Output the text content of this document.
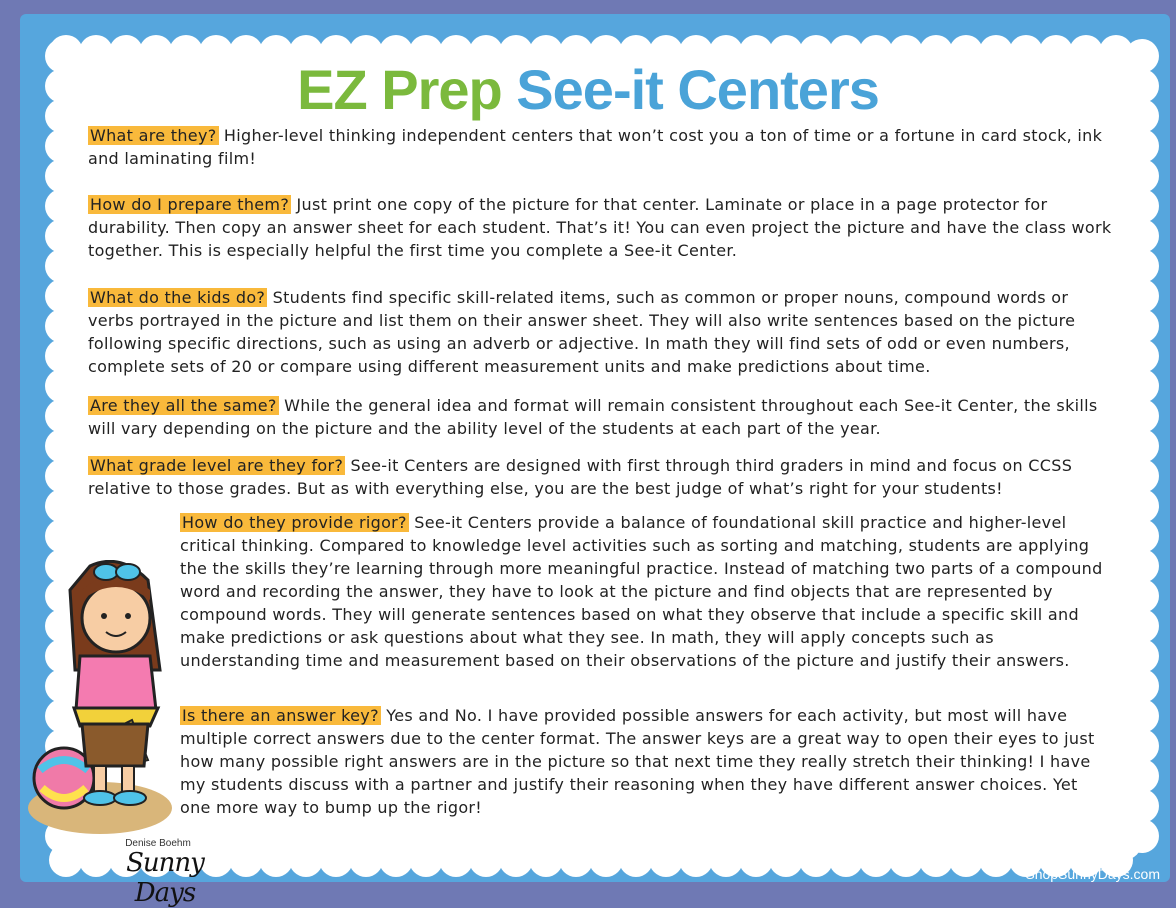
EZ Prep See-it Centers

What are they? Higher-level thinking independent centers that won’t cost you a ton of time or a fortune in card stock, ink and laminating film!

How do I prepare them? Just print one copy of the picture for that center. Laminate or place in a page protector for durability. Then copy an answer sheet for each student. That’s it! You can even project the picture and have the class work together. This is especially helpful the first time you complete a See-it Center.

What do the kids do? Students find specific skill-related items, such as common or proper nouns, compound words or verbs portrayed in the picture and list them on their answer sheet. They will also write sentences based on the picture following specific directions, such as using an adverb or adjective. In math they will find sets of odd or even numbers, complete sets of 20 or compare using different measurement units and make predictions about time.

Are they all the same? While the general idea and format will remain consistent throughout each See-it Center, the skills will vary depending on the picture and the ability level of the students at each part of the year.

What grade level are they for? See-it Centers are designed with first through third graders in mind and focus on CCSS relative to those grades. But as with everything else, you are the best judge of what’s right for your students!

How do they provide rigor? See-it Centers provide a balance of foundational skill practice and higher-level critical thinking. Compared to knowledge level activities such as sorting and matching, students are applying the the skills they’re learning through more meaningful practice. Instead of matching two parts of a compound word and recording the answer, they have to look at the picture and find objects that are represented by compound words. They will generate sentences based on what they observe that include a specific skill and make predictions or ask questions about what they see. In math, they will apply concepts such as understanding time and measurement based on their observations of the picture and justify their answers.

Is there an answer key? Yes and No. I have provided possible answers for each activity, but most will have multiple correct answers due to the center format. The answer keys are a great way to open their eyes to just how many possible right answers are in the picture so that next time they really stretch their thinking! I have my students discuss with a partner and justify their reasoning when they have different answer choices. Yet one more way to bump up the rigor!

Denise Boehm
Sunny Days
ShopSunnyDays.com
